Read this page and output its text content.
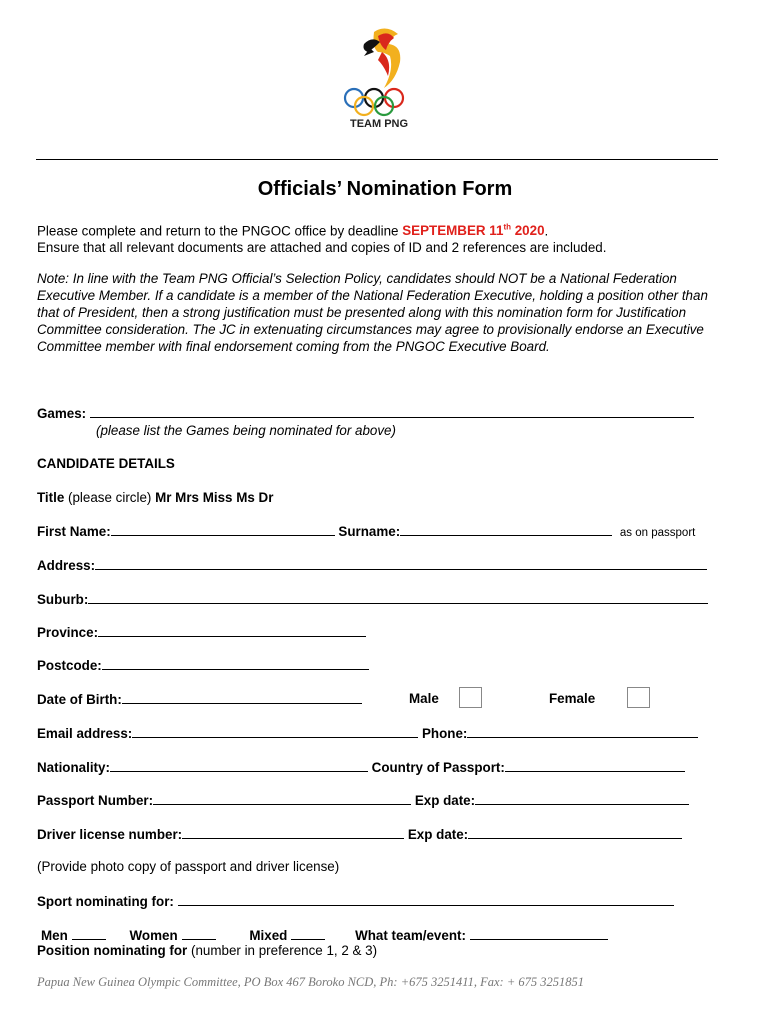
TEAM PNG
Officials’ Nomination Form
Please complete and return to the PNGOC office by deadline SEPTEMBER 11th 2020.
Ensure that all relevant documents are attached and copies of ID and 2 references are included.
Note: In line with the Team PNG Official’s Selection Policy, candidates should NOT be a National Federation Executive Member. If a candidate is a member of the National Federation Executive, holding a position other than that of President, then a strong justification must be presented along with this nomination form for Justification Committee consideration. The JC in extenuating circumstances may agree to provisionally endorse an Executive Committee member with final endorsement coming from the PNGOC Executive Board.
Games:
(please list the Games being nominated for above)
CANDIDATE DETAILS
Title (please circle) Mr Mrs Miss Ms Dr
First Name:	Surname:	as on passport
Address:
Suburb:
Province:
Postcode:
Date of Birth:	Male	Female
Email address:	Phone:
Nationality:	Country of Passport:
Passport Number:	Exp date:
Driver license number:	Exp date:
(Provide photo copy of passport and driver license)
Sport nominating for:
Men	Women	Mixed	What team/event:
Position nominating for (number in preference 1, 2 & 3)
Papua New Guinea Olympic Committee, PO Box 467 Boroko NCD, Ph: +675 3251411, Fax: + 675 3251851
